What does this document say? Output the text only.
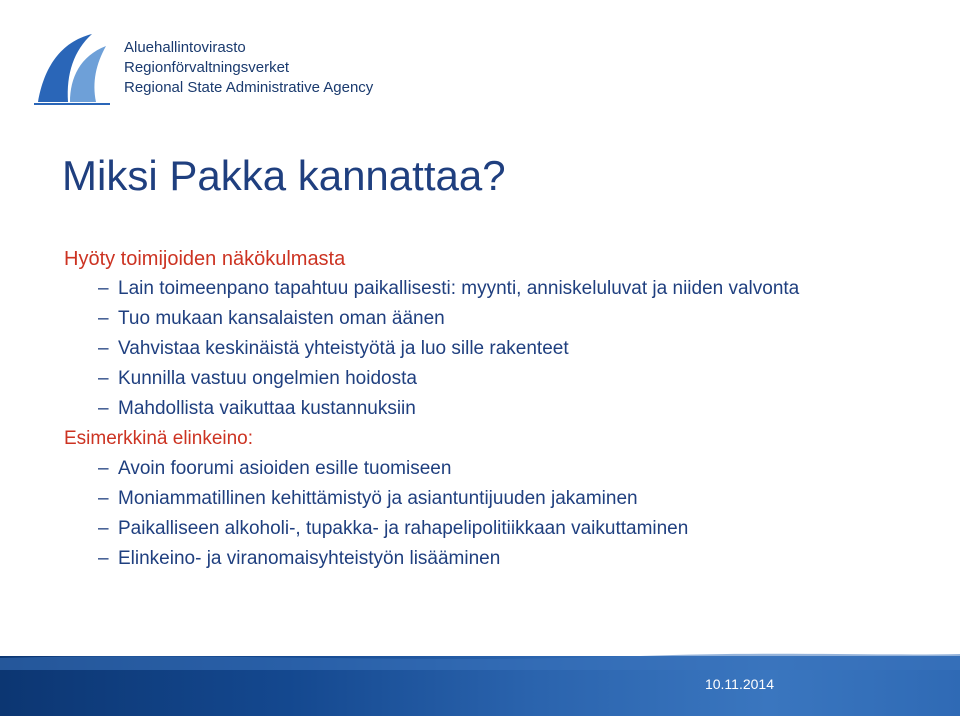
Aluehallintovirasto
Regionförvaltningsverket
Regional State Administrative Agency
Miksi Pakka kannattaa?
Hyöty toimijoiden näkökulmasta
– Lain toimeenpano tapahtuu paikallisesti: myynti, anniskeluluvat ja niiden valvonta
– Tuo mukaan kansalaisten oman äänen
– Vahvistaa keskinäistä yhteistyötä ja luo sille rakenteet
– Kunnilla vastuu ongelmien hoidosta
– Mahdollista vaikuttaa kustannuksiin
Esimerkkinä elinkeino:
– Avoin foorumi asioiden esille tuomiseen
– Moniammatillinen kehittämistyö ja asiantuntijuuden jakaminen
– Paikalliseen alkoholi-, tupakka- ja rahapelipolitiikkaan vaikuttaminen
– Elinkeino- ja viranomaisyhteistyön lisääminen
10.11.2014
